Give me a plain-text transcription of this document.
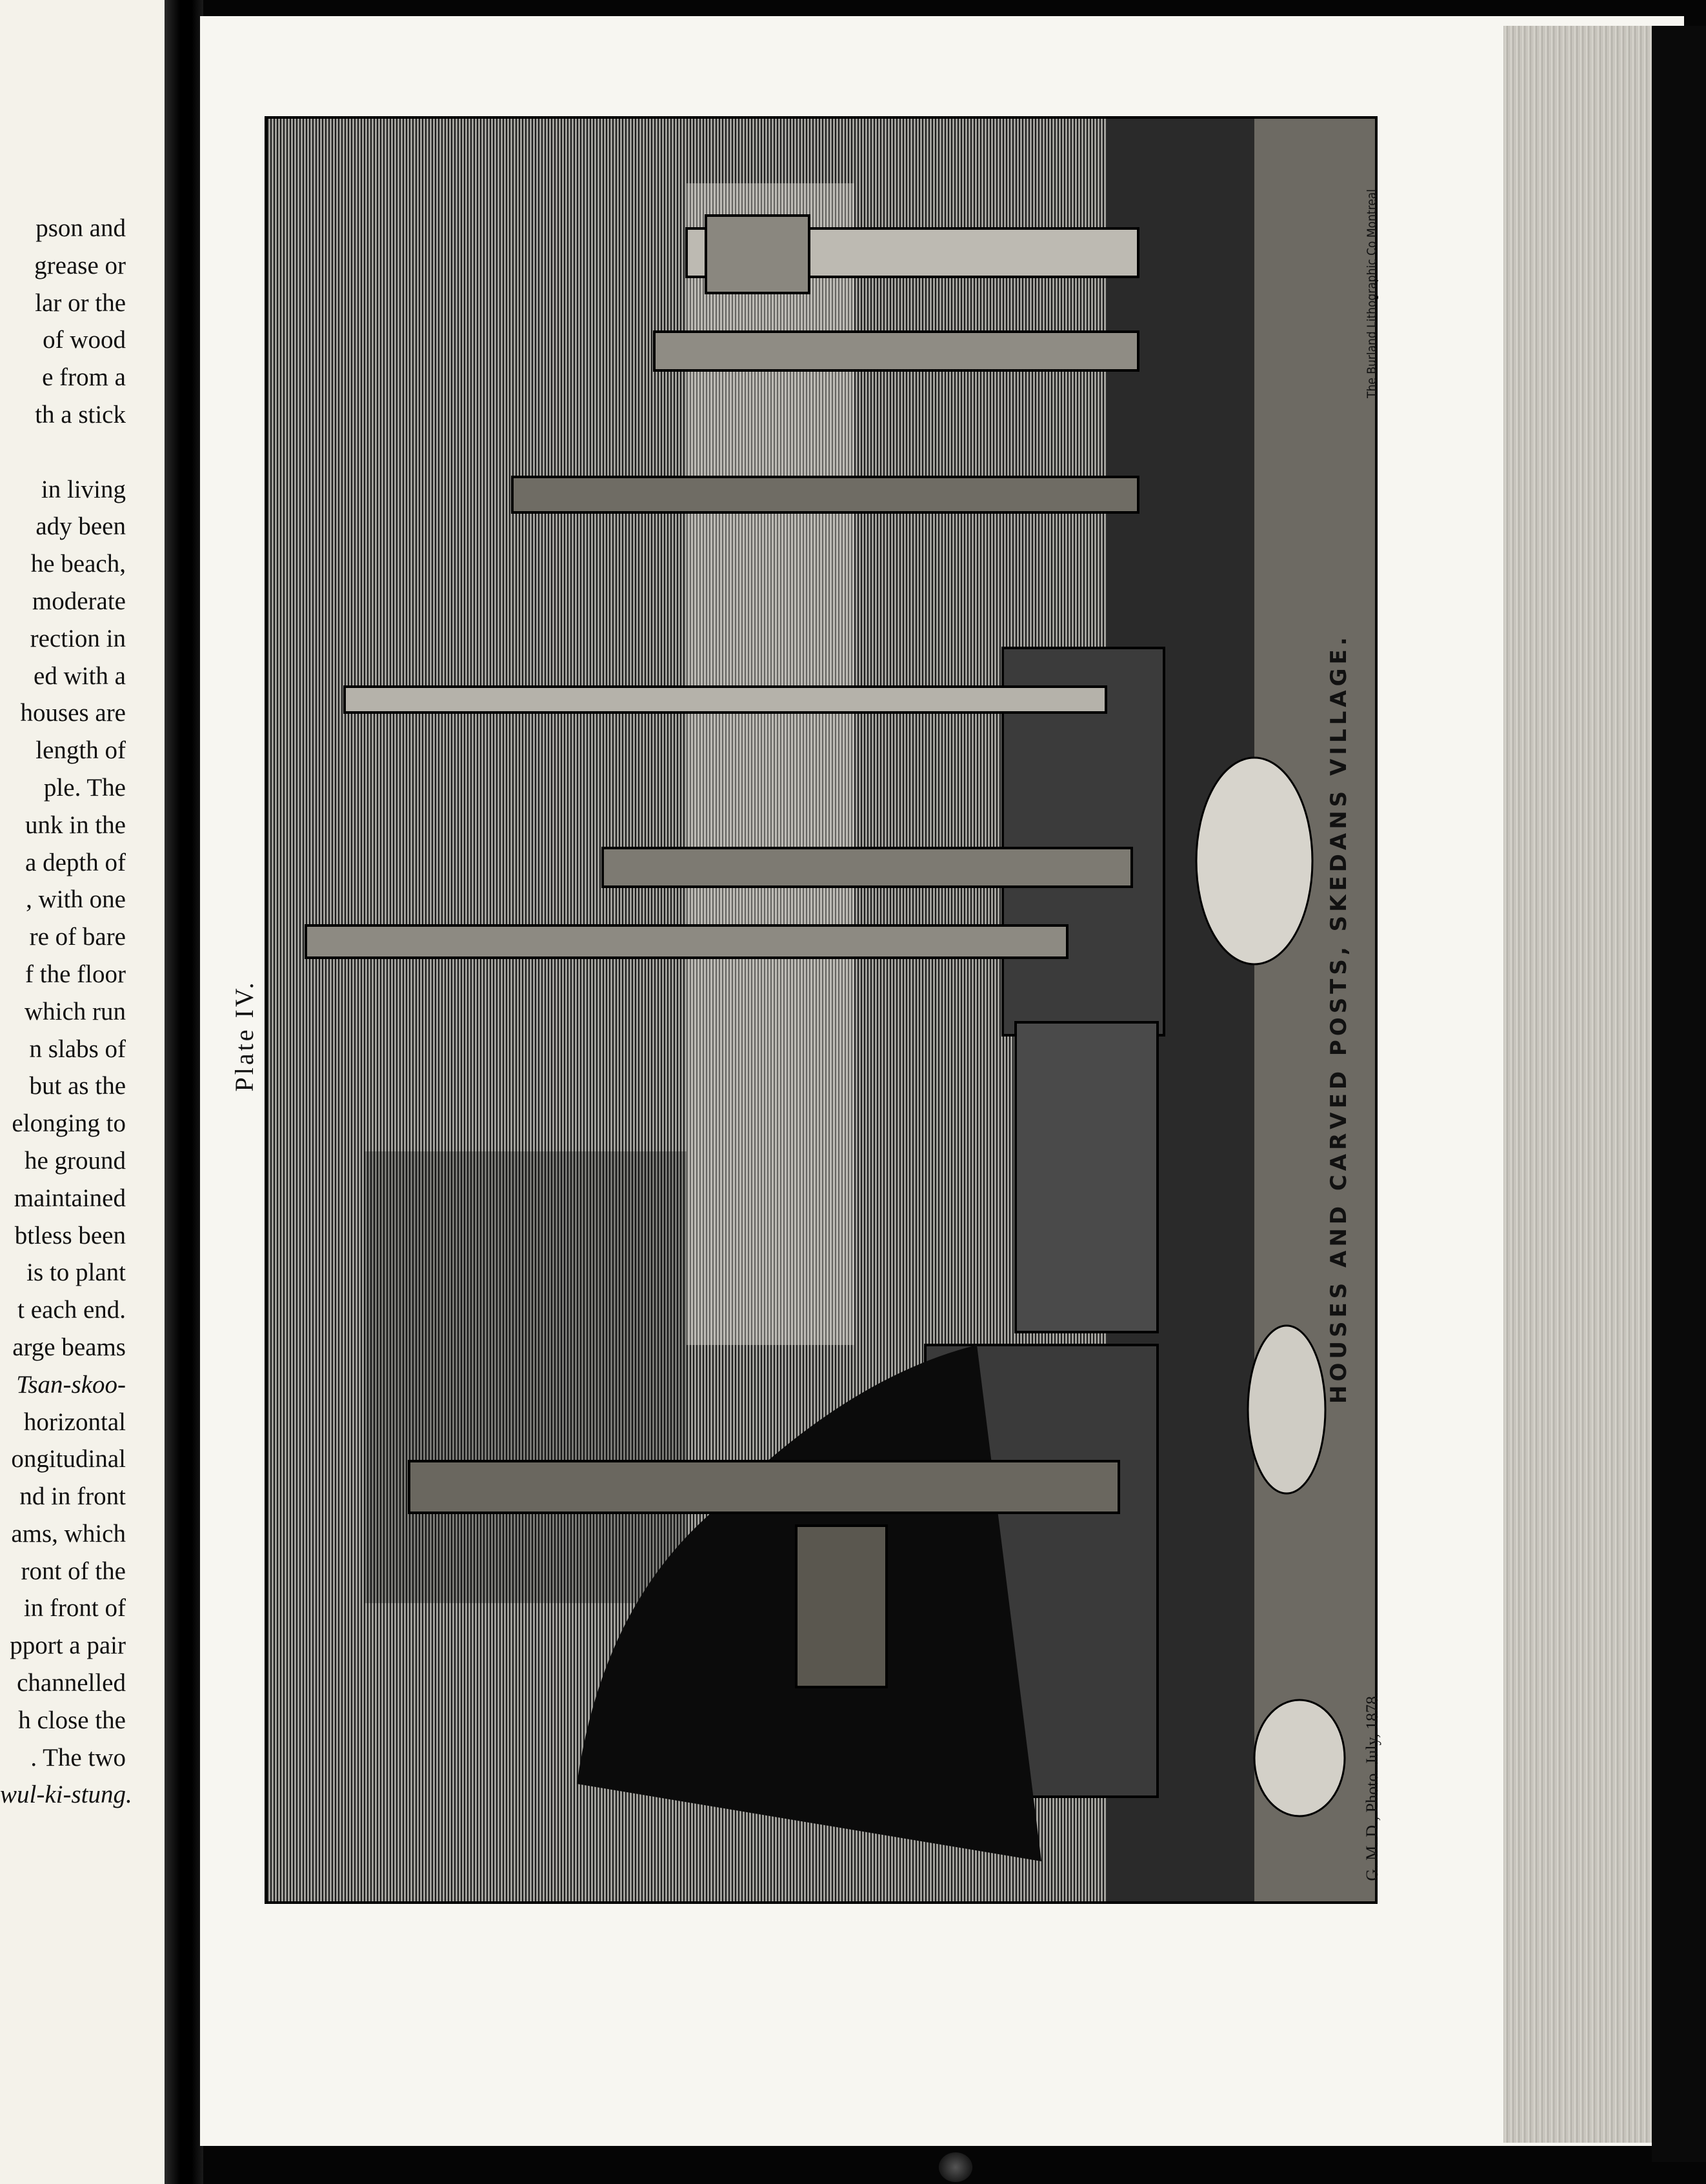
pson and
grease or
lar or the
of wood
e from a
th a stick
in living
ady been
he beach,
moderate
rection in
ed with a
houses are
length of
ple. The
unk in the
a depth of
, with one
re of bare
f the floor
which run
n slabs of
but as the
elonging to
he ground
maintained
btless been
is to plant
t each end.
arge beams
Tsan-skoo-
horizontal
ongitudinal
nd in front
ams, which
ront of the
in front of
pport a pair
channelled
h close the
. The two
wul-ki-stung.
Plate IV.	HOUSES AND CARVED POSTS, SKEDANS VILLAGE.
G. M. D., Photo. July, 1878.
The Burland Lithographic Co Montreal
